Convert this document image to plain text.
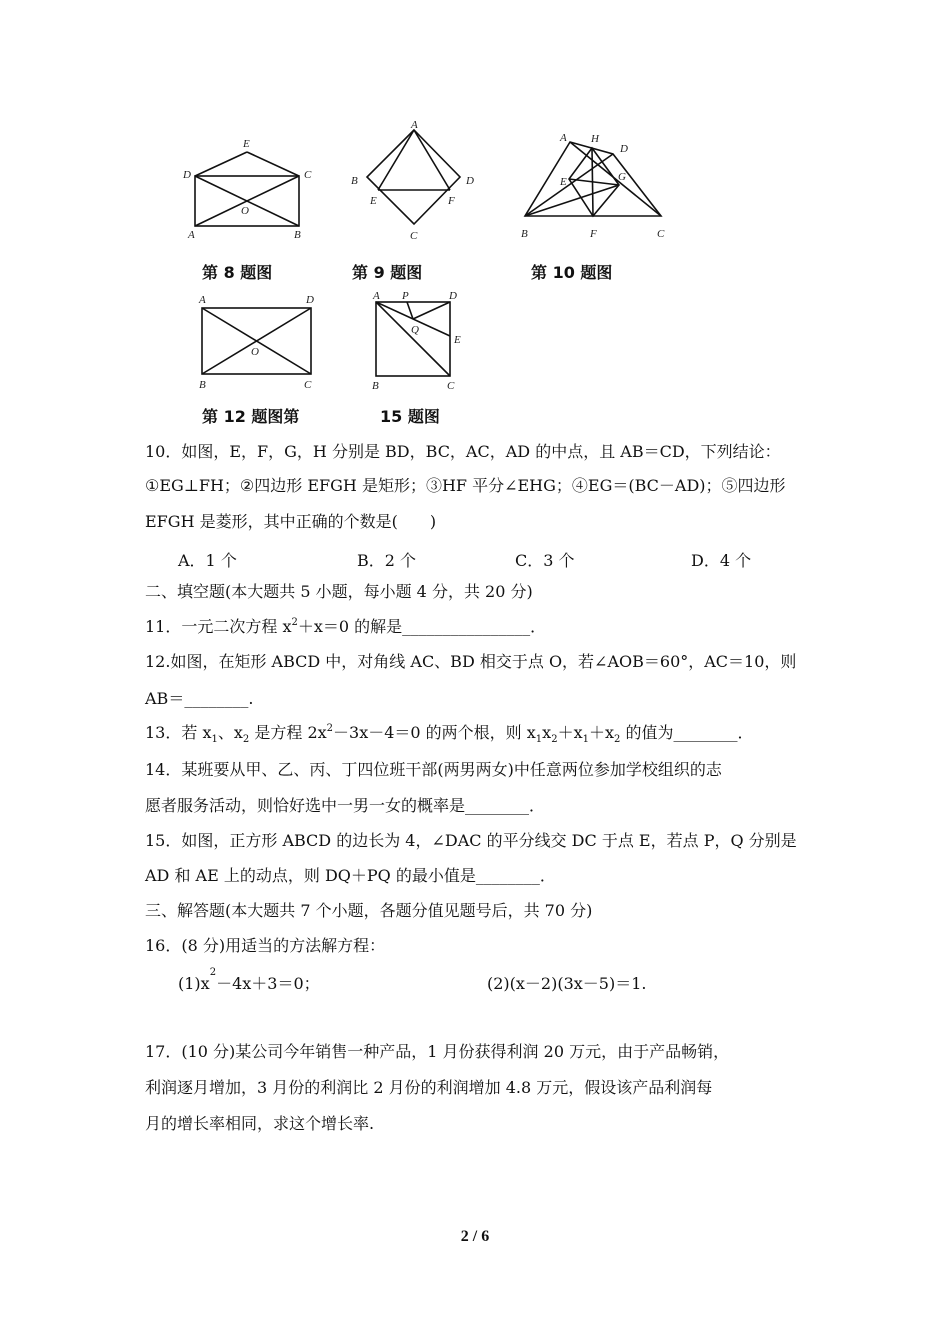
E
D	C
O
A	B
第 8 题图
A
B	D
E	F
C
第 9 题图
A H
D
E	G
B	F	C
第 10 题图
A	D
O
B	C
第 12 题图第
A P	D
Q
E
B	C
15 题图
10．如图，E，F，G，H 分别是 BD，BC，AC，AD 的中点，且 AB＝CD，下列结论：
①EG⊥FH；②四边形 EFGH 是矩形；③HF 平分∠EHG；④EG＝(BC－AD)；⑤四边形
EFGH 是菱形，其中正确的个数是(　　)
A．1 个	B．2 个	C．3 个	D．4 个
二、填空题(本大题共 5 小题，每小题 4 分，共 20 分)
11．一元二次方程 $x^2+x=0$ 的解是________________．
12.如图，在矩形 ABCD 中，对角线 AC、BD 相交于点 O，若∠AOB＝60°，AC＝10，则
AB＝________.
13．若 $x_1$、$x_2$ 是方程 $2x^2-3x-4=0$ 的两个根，则 $x_1x_2+x_1+x_2$ 的值为________．
14．某班要从甲、乙、丙、丁四位班干部(两男两女)中任意两位参加学校组织的志
愿者服务活动，则恰好选中一男一女的概率是________．
15．如图，正方形 ABCD 的边长为 4，∠DAC 的平分线交 DC 于点 E，若点 P，Q 分别是
AD 和 AE 上的动点，则 DQ＋PQ 的最小值是________．
三、解答题(本大题共 7 个小题，各题分值见题号后，共 70 分)
16．(8 分)用适当的方法解方程：
$(1)x^2-4x+3=0$；	(2)(x－2)(3x－5)＝1.
17．(10 分)某公司今年销售一种产品，1 月份获得利润 20 万元，由于产品畅销，
利润逐月增加，3 月份的利润比 2 月份的利润增加 4.8 万元，假设该产品利润每
月的增长率相同，求这个增长率.
2 / 6
